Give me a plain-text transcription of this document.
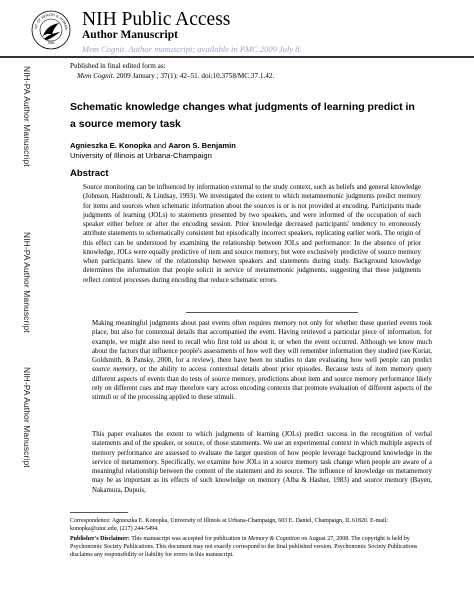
NT OF HEALTH & HUMAN
USA
NIH Public Access
Author Manuscript
Mem Cognit. Author manuscript; available in PMC 2009 July 8.
NIH-PA Author Manuscript
NIH-PA Author Manuscript
NIH-PA Author Manuscript
Published in final edited form as:
Mem Cognit. 2009 January ; 37(1): 42–51. doi:10.3758/MC.37.1.42.
Schematic knowledge changes what judgments of learning predict in a source memory task
Agnieszka E. Konopka and Aaron S. Benjamin
University of Illinois at Urbana-Champaign
Abstract

Source monitoring can be influenced by information external to the study context, such as beliefs and general knowledge (Johnson, Hashtroudi, & Lindsay, 1993). We investigated the extent to which metamnemonic judgments predict memory for items and sources when schematic information about the sources is or is not provided at encoding. Participants made judgments of learning (JOLs) to statements presented by two speakers, and were informed of the occupation of each speaker either before or after the encoding session. Prior knowledge decreased participants' tendency to erroneously attribute statements to schematically consistent but episodically incorrect speakers, replicating earlier work. The origin of this effect can be understood by examining the relationship between JOLs and performance: In the absence of prior knowledge, JOLs were equally predictive of item and source memory, but were exclusively predictive of source memory when participants knew of the relationship between speakers and statements during study. Background knowledge determines the information that people solicit in service of metamemonic judgments, suggesting that these judgments reflect control processes during encoding that reduce schematic errors.

Making meaningful judgments about past events often requires memory not only for whether these queried events took place, but also for contextual details that accompanied the event. Having retrieved a particular piece of information, for example, we might also need to recall who first told us about it, or when the event occurred. Although we know much about the factors that influence people's assessments of how well they will remember information they studied (see Koriat, Goldsmith, & Pansky, 2000, for a review), there have been no studies to date evaluating how well people can predict source memory, or the ability to access contextual details about prior episodes. Because tests of item memory query different aspects of events than do tests of source memory, predictions about item and source memory performance likely rely on different cues and may therefore vary across encoding contexts that promote evaluation of different aspects of the stimuli or of the processing applied to these stimuli.

This paper evaluates the extent to which judgments of learning (JOLs) predict success in the recognition of verbal statements and of the speaker, or source, of those statements. We use an experimental context in which multiple aspects of memory performance are assessed to evaluate the larger question of how people leverage background knowledge in the service of metamemory. Specifically, we examine how JOLs in a source memory task change when people are aware of a meaningful relationship between the content of the statement and its source. The influence of knowledge on metamemory may be as important as its effects of such knowledge on memory (Alba & Hasher, 1983) and source memory (Bayen, Nakamura, Dupuis,

Correspondence: Agnieszka E. Konopka, University of Illinois at Urbana-Champaign, 603 E. Daniel, Champaign, IL 61820. E-mail: konopka@uiuc.edu, (217) 244-5494.

Publisher's Disclaimer: This manuscript was accepted for publication in Memory & Cognition on August 27, 2008. The copyright is held by Psychonomic Society Publications. This document may not exactly correspond to the final published version. Psychonomic Society Publications disclaims any responsibility or liability for errors in this manuscript.
